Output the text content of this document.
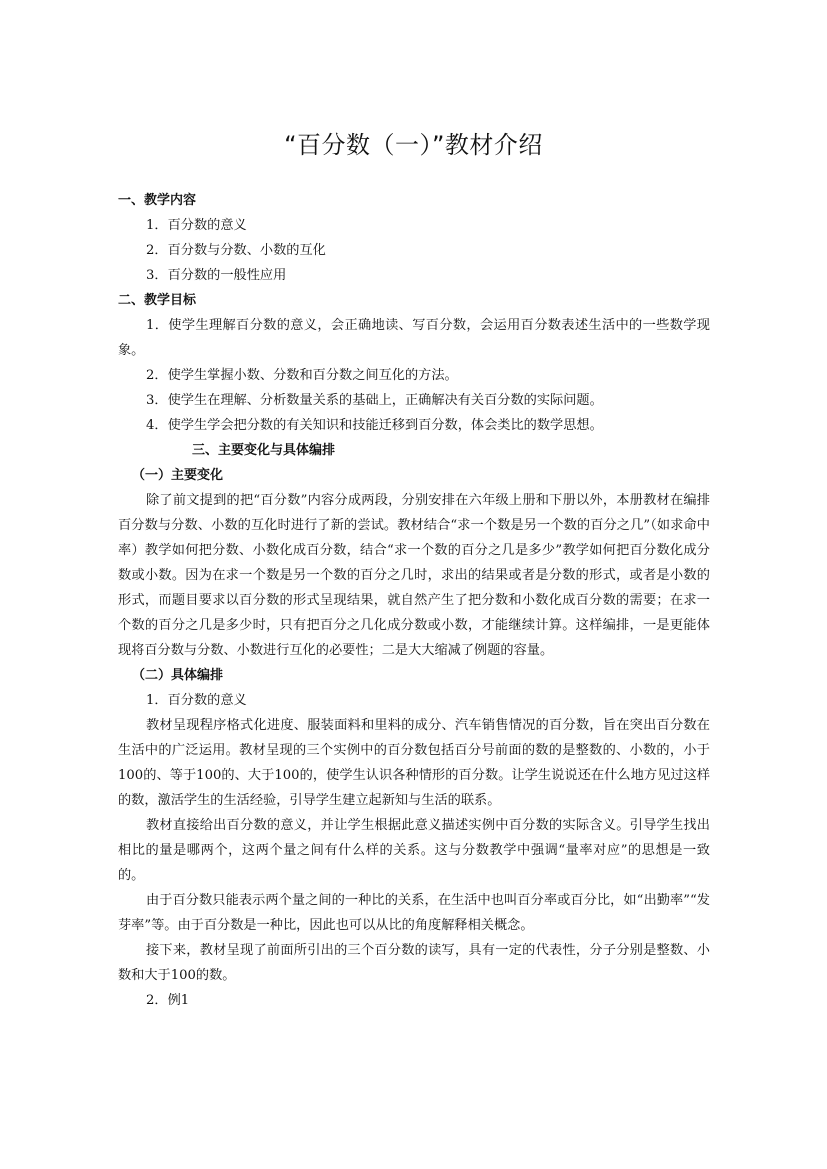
“百分数（一）”教材介绍

一、教学内容

1．百分数的意义

2．百分数与分数、小数的互化

3．百分数的一般性应用

二、教学目标

1．使学生理解百分数的意义，会正确地读、写百分数，会运用百分数表述生活中的一些数学现象。

2．使学生掌握小数、分数和百分数之间互化的方法。

3．使学生在理解、分析数量关系的基础上，正确解决有关百分数的实际问题。

4．使学生学会把分数的有关知识和技能迁移到百分数，体会类比的数学思想。

三、主要变化与具体编排

（一）主要变化

除了前文提到的把“百分数”内容分成两段，分别安排在六年级上册和下册以外，本册教材在编排百分数与分数、小数的互化时进行了新的尝试。教材结合“求一个数是另一个数的百分之几”（如求命中率）教学如何把分数、小数化成百分数，结合“求一个数的百分之几是多少”教学如何把百分数化成分数或小数。因为在求一个数是另一个数的百分之几时，求出的结果或者是分数的形式，或者是小数的形式，而题目要求以百分数的形式呈现结果，就自然产生了把分数和小数化成百分数的需要；在求一个数的百分之几是多少时，只有把百分之几化成分数或小数，才能继续计算。这样编排，一是更能体现将百分数与分数、小数进行互化的必要性；二是大大缩减了例题的容量。

（二）具体编排

1．百分数的意义

教材呈现程序格式化进度、服装面料和里料的成分、汽车销售情况的百分数，旨在突出百分数在生活中的广泛运用。教材呈现的三个实例中的百分数包括百分号前面的数的是整数的、小数的，小于100的、等于100的、大于100的，使学生认识各种情形的百分数。让学生说说还在什么地方见过这样的数，激活学生的生活经验，引导学生建立起新知与生活的联系。

教材直接给出百分数的意义，并让学生根据此意义描述实例中百分数的实际含义。引导学生找出相比的量是哪两个，这两个量之间有什么样的关系。这与分数教学中强调“量率对应”的思想是一致的。

由于百分数只能表示两个量之间的一种比的关系，在生活中也叫百分率或百分比，如“出勤率”“发芽率”等。由于百分数是一种比，因此也可以从比的角度解释相关概念。

接下来，教材呈现了前面所引出的三个百分数的读写，具有一定的代表性，分子分别是整数、小数和大于100的数。

2．例1
